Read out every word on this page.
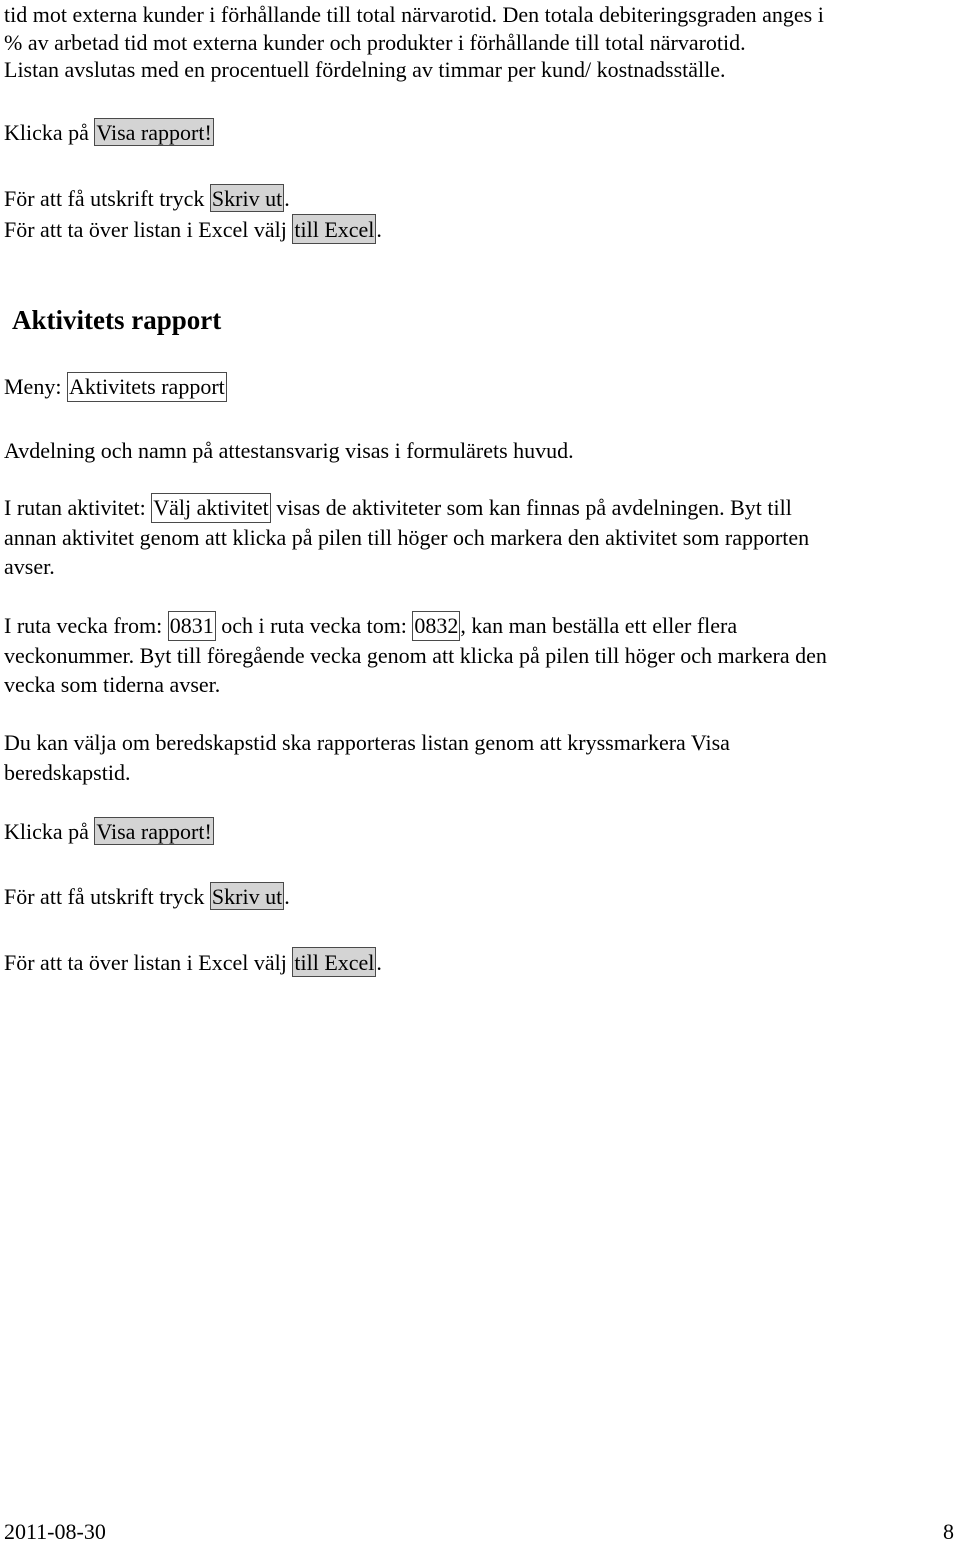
tid mot externa kunder i förhållande till total närvarotid. Den totala debiteringsgraden anges i
% av arbetad tid mot externa kunder och produkter i förhållande till total närvarotid.
Listan avslutas med en procentuell fördelning av timmar per kund/ kostnadsställe.
Klicka på Visa rapport!
För att få utskrift tryck Skriv ut.
För att ta över listan i Excel välj till Excel.
Aktivitets rapport
Meny: Aktivitets rapport
Avdelning och namn på attestansvarig visas i formulärets huvud.
I rutan aktivitet: Välj aktivitet visas de aktiviteter som kan finnas på avdelningen. Byt till
annan aktivitet genom att klicka på pilen till höger och markera den aktivitet som rapporten
avser.
I ruta vecka from: 0831 och i ruta vecka tom: 0832, kan man beställa ett eller flera
veckonummer. Byt till föregående vecka genom att klicka på pilen till höger och markera den
vecka som tiderna avser.
Du kan välja om beredskapstid ska rapporteras listan genom att kryssmarkera Visa
beredskapstid.
Klicka på Visa rapport!
För att få utskrift tryck Skriv ut.
För att ta över listan i Excel välj till Excel.
2011-08-30	8
